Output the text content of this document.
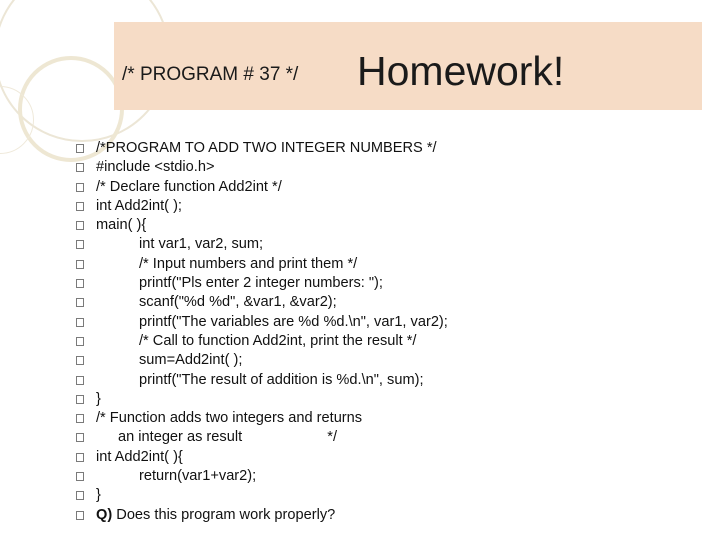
/* PROGRAM # 37 */ Homework!
/*PROGRAM TO ADD TWO INTEGER NUMBERS */
#include <stdio.h>
/* Declare function Add2int */
int Add2int( );
main( ){
int var1, var2, sum;
/* Input numbers and print them */
printf("Pls enter 2 integer numbers: ");
scanf("%d %d", &var1, &var2);
printf("The variables are %d %d.\n", var1, var2);
/* Call to function Add2int, print the result */
sum=Add2int( );
printf("The result of addition is %d.\n", sum);
}
/* Function adds two integers and returns
an integer as result                     */
int Add2int( ){
return(var1+var2);
}
Q) Does this program work properly?
